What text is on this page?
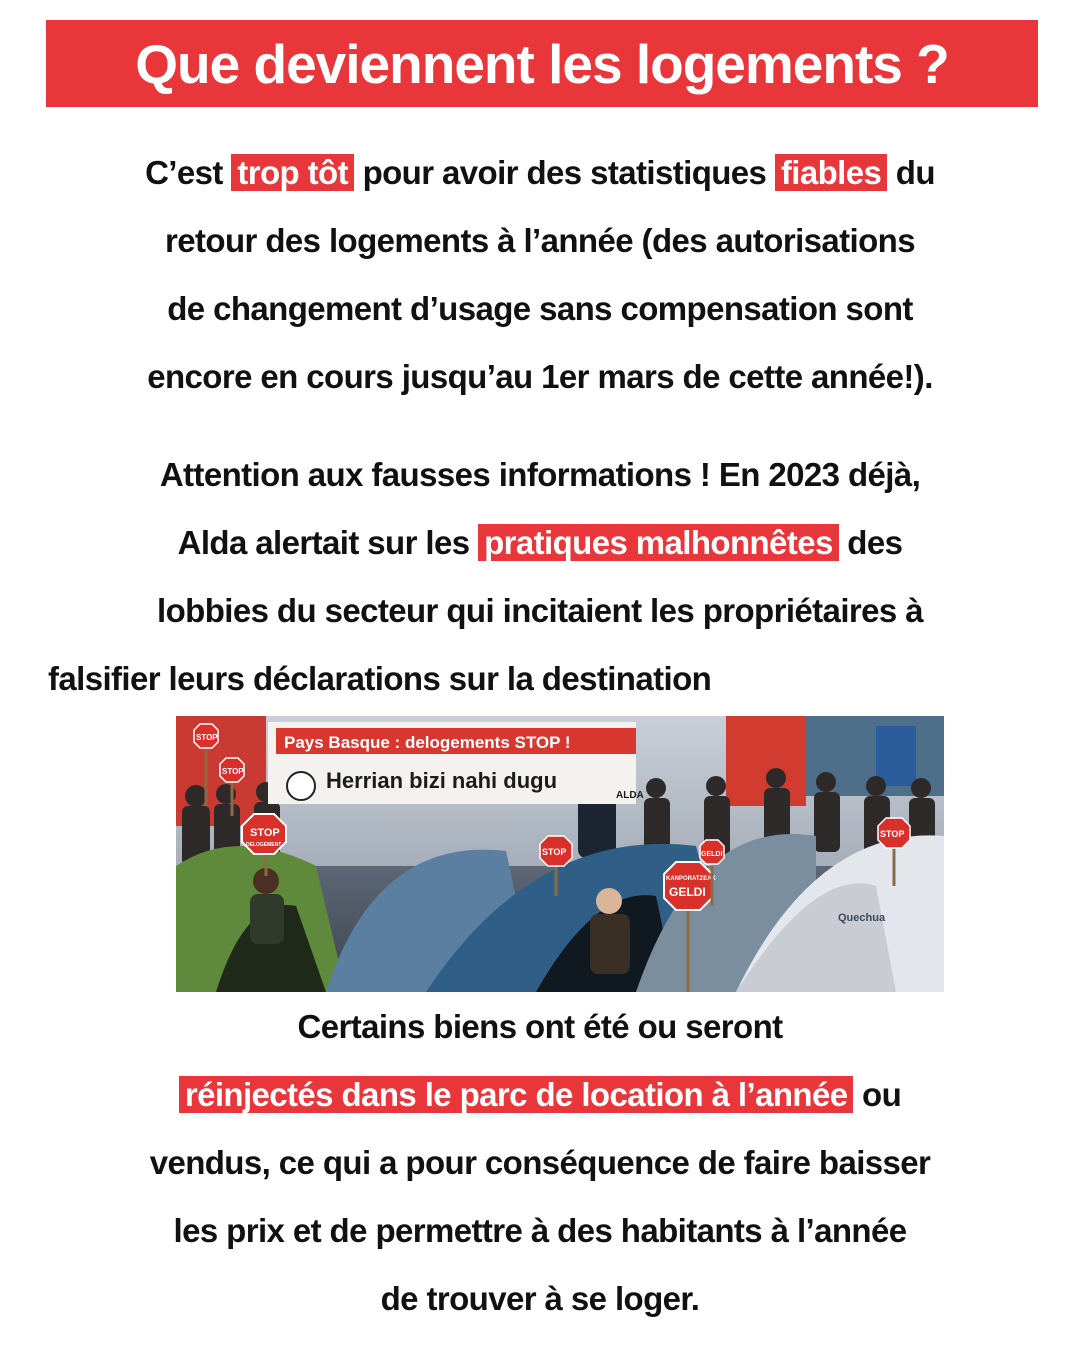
Que deviennent les logements ?
C’est trop tôt pour avoir des statistiques fiables du
retour des logements à l’année (des autorisations
de changement d’usage sans compensation sont
encore en cours jusqu’au 1er mars de cette année!).
Attention aux fausses informations ! En 2023 déjà,
Alda alertait sur les pratiques malhonnêtes des
lobbies du secteur qui incitaient les propriétaires à
falsifier leurs déclarations sur la destination
Pays Basque : delogements STOP !
Herrian bizi nahi dugu
ALDA
Quechua
STOP
DELOGEMENT
STOP
STOP
STOP
STOP
KANPORATZEAK
GELDI
GELDI
Certains biens ont été ou seront
réinjectés dans le parc de location à l’année ou
vendus, ce qui a pour conséquence de faire baisser
les prix et de permettre à des habitants à l’année
de trouver à se loger.
